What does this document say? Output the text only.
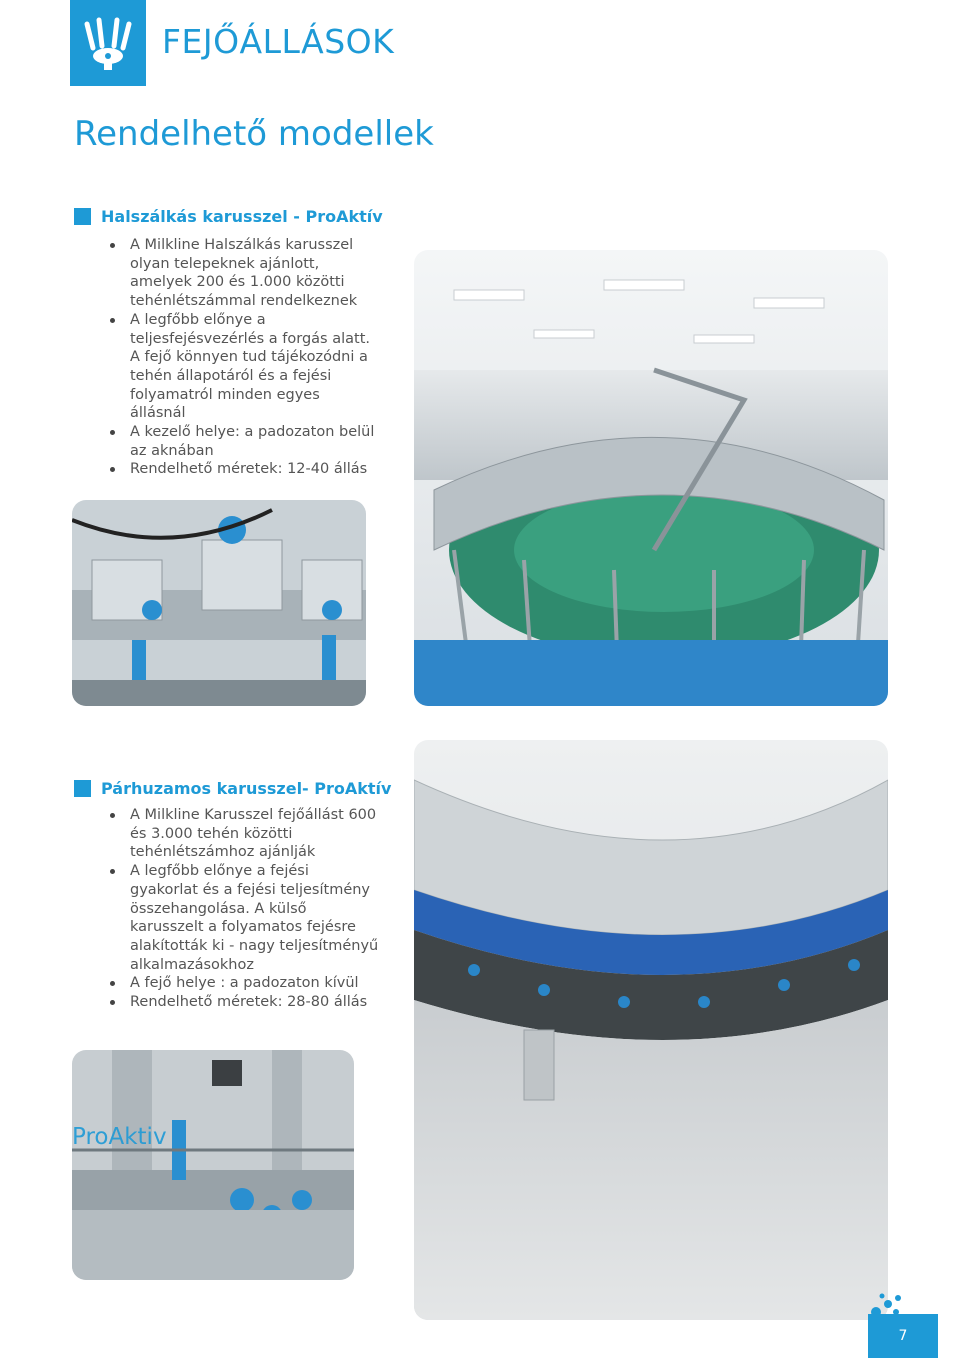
FEJŐÁLLÁSOK
Rendelhető modellek
Halszálkás karusszel - ProAktív
A Milkline Halszálkás karusszel olyan telepeknek ajánlott, amelyek 200 és 1.000 közötti tehénlétszámmal rendelkeznek
A legfőbb előnye a teljesfejésvezérlés a forgás alatt. A fejő könnyen tud tájékozódni a tehén állapotáról és a fejési folyamatról minden egyes állásnál
A kezelő helye: a padozaton belül az aknában
Rendelhető méretek: 12-40 állás
Párhuzamos karusszel- ProAktív
A Milkline Karusszel fejőállást 600 és 3.000 tehén közötti tehénlétszámhoz ajánlják
A legfőbb előnye a fejési gyakorlat és a fejési teljesítmény összehangolása. A külső karusszelt a folyamatos fejésre alakították ki - nagy teljesítményű alkalmazásokhoz
A fejő helye : a padozaton kívül
Rendelhető méretek: 28-80 állás
ProAktiv
7
